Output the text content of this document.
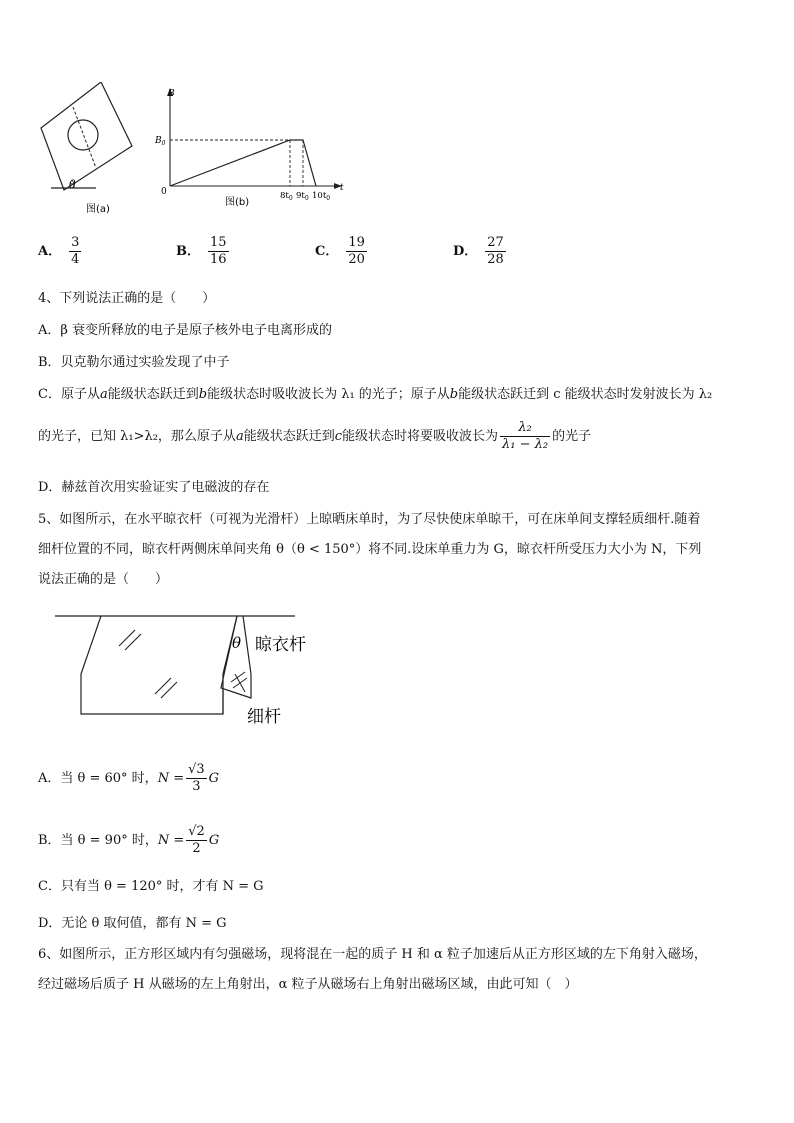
θ
图(a)
B
t
$B_0$
0	$8t_0$ $9t_0$ $10t_0$
图(b)
A． $\frac{3}{4}$	B． $\frac{15}{16}$	C． $\frac{19}{20}$	D． $\frac{27}{28}$
4、下列说法正确的是（　　）
A．β 衰变所释放的电子是原子核外电子电离形成的
B．贝克勒尔通过实验发现了中子
C．原子从a能级状态跃迁到b能级状态时吸收波长为 λ₁ 的光子；原子从b能级状态跃迁到 c 能级状态时发射波长为 λ₂
的光子，已知 λ₁>λ₂，那么原子从a能级状态跃迁到c能级状态时将要吸收波长为 $\frac{\text{λ₂}}{\text{λ₁ − λ₂}}$ 的光子
D．赫兹首次用实验证实了电磁波的存在
5、如图所示，在水平晾衣杆（可视为光滑杆）上晾晒床单时，为了尽快使床单晾干，可在床单间支撑轻质细杆.随着
细杆位置的不同，晾衣杆两侧床单间夹角 θ（θ < 150°）将不同.设床单重力为 G，晾衣杆所受压力大小为 N，下列
说法正确的是（　　）
θ 晾衣杆
细杆
A．当 θ = 60° 时，$N = \frac{√3}{3}$ G
B．当 θ = 90° 时，$N = \frac{√2}{2}$ G
C．只有当 θ = 120° 时，才有 N = G
D．无论 θ 取何值，都有 N = G
6、如图所示，正方形区域内有匀强磁场，现将混在一起的质子 H 和 α 粒子加速后从正方形区域的左下角射入磁场，
经过磁场后质子 H 从磁场的左上角射出，α 粒子从磁场右上角射出磁场区域，由此可知（　）
